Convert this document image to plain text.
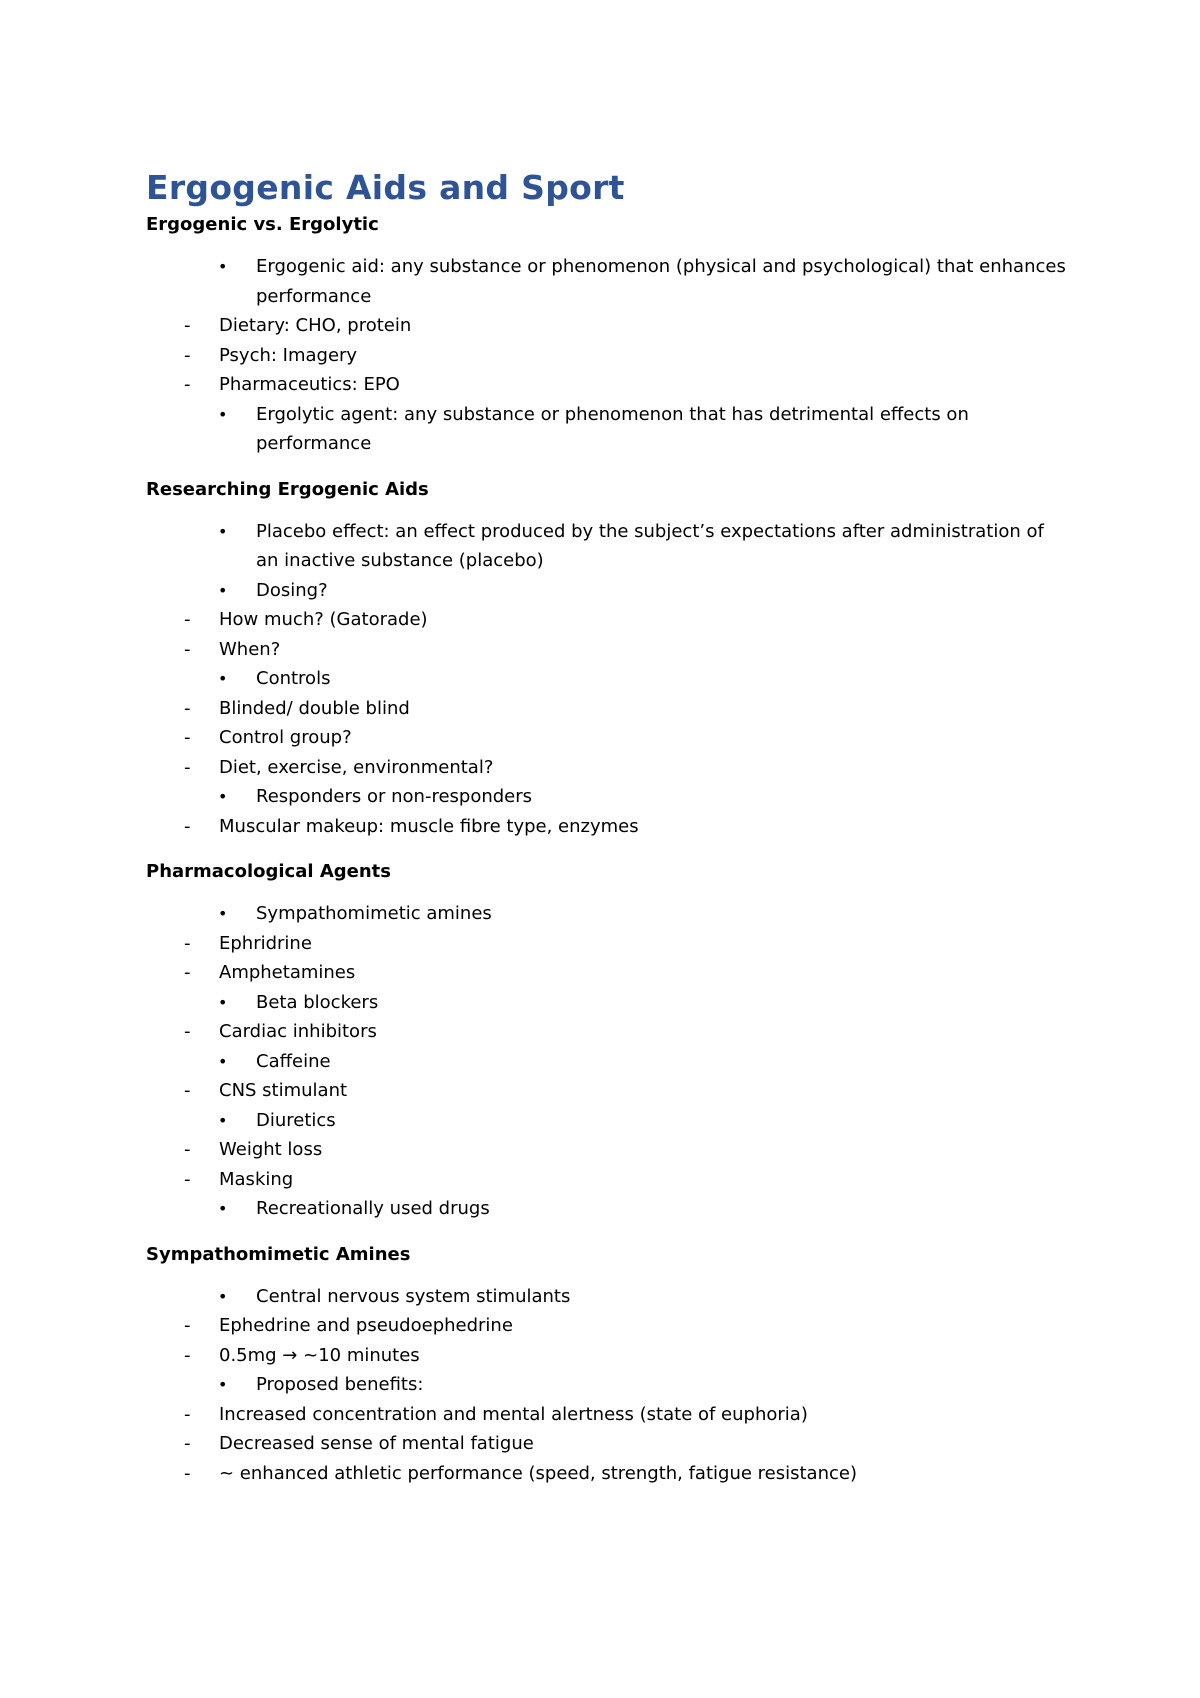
Ergogenic Aids and Sport
Ergogenic vs. Ergolytic
• Ergogenic aid: any substance or phenomenon (physical and psychological) that enhances performance
- Dietary: CHO, protein
- Psych: Imagery
- Pharmaceutics: EPO
• Ergolytic agent: any substance or phenomenon that has detrimental effects on performance
Researching Ergogenic Aids
• Placebo effect: an effect produced by the subject’s expectations after administration of an inactive substance (placebo)
• Dosing?
- How much? (Gatorade)
- When?
• Controls
- Blinded/ double blind
- Control group?
- Diet, exercise, environmental?
• Responders or non-responders
- Muscular makeup: muscle fibre type, enzymes
Pharmacological Agents
• Sympathomimetic amines
- Ephridrine
- Amphetamines
• Beta blockers
- Cardiac inhibitors
• Caffeine
- CNS stimulant
• Diuretics
- Weight loss
- Masking
• Recreationally used drugs
Sympathomimetic Amines
• Central nervous system stimulants
- Ephedrine and pseudoephedrine
- 0.5mg → ~10 minutes
• Proposed benefits:
- Increased concentration and mental alertness (state of euphoria)
- Decreased sense of mental fatigue
- ~ enhanced athletic performance (speed, strength, fatigue resistance)
